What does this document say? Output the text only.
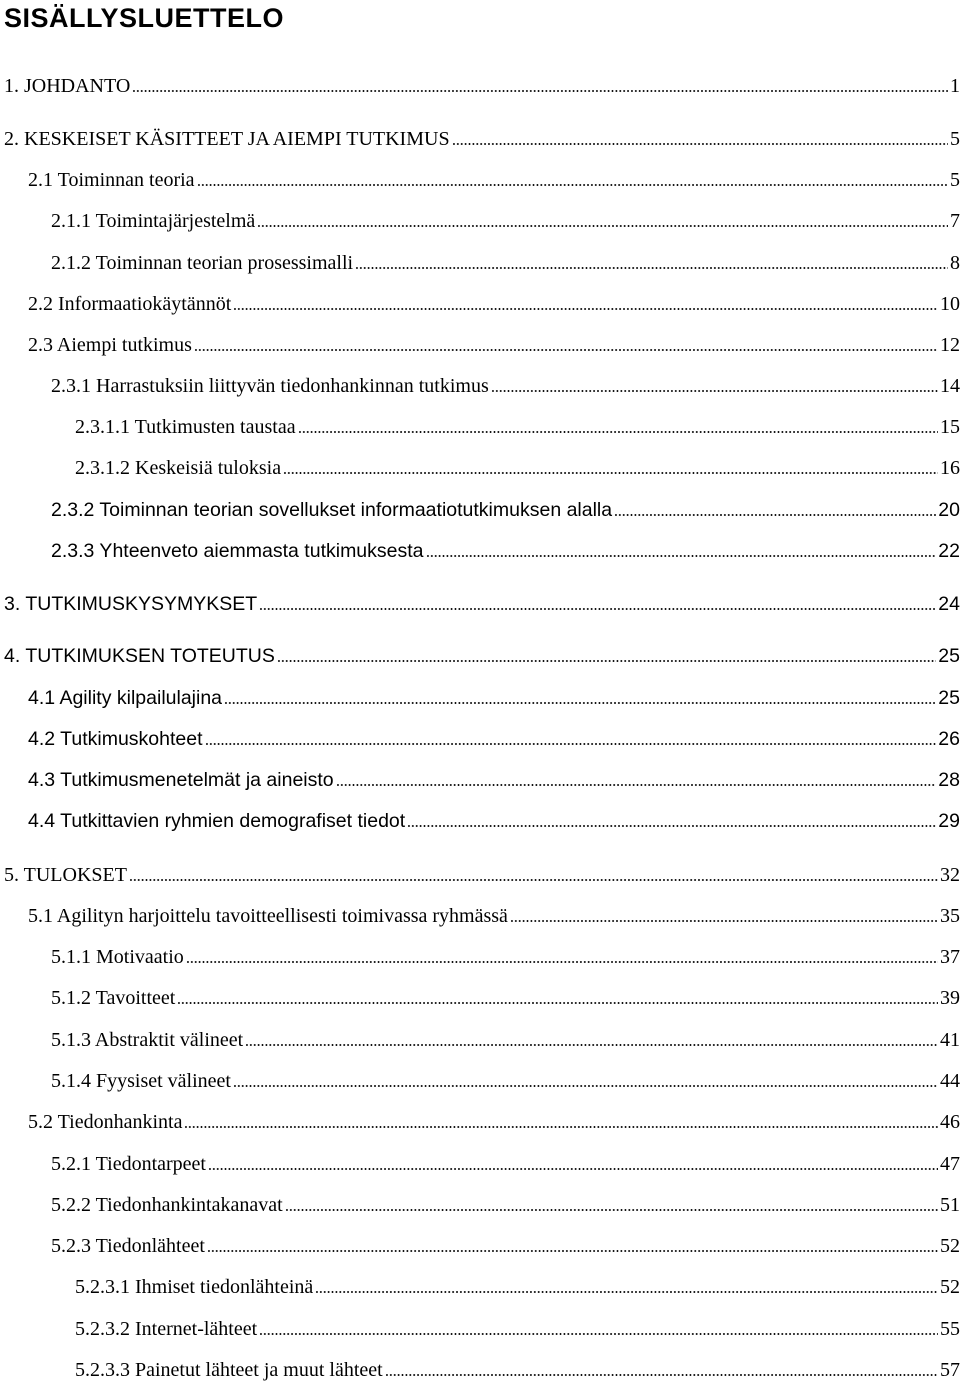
SISÄLLYSLUETTELO
1. JOHDANTO	1
2. KESKEISET KÄSITTEET JA AIEMPI TUTKIMUS	5
2.1 Toiminnan teoria	5
2.1.1 Toimintajärjestelmä	7
2.1.2 Toiminnan teorian prosessimalli	8
2.2 Informaatiokäytännöt	10
2.3 Aiempi tutkimus	12
2.3.1 Harrastuksiin liittyvän tiedonhankinnan tutkimus	14
2.3.1.1 Tutkimusten taustaa	15
2.3.1.2 Keskeisiä tuloksia	16
2.3.2 Toiminnan teorian sovellukset informaatiotutkimuksen alalla	20
2.3.3 Yhteenveto aiemmasta tutkimuksesta	22
3. TUTKIMUSKYSYMYKSET	24
4. TUTKIMUKSEN TOTEUTUS	25
4.1 Agility kilpailulajina	25
4.2 Tutkimuskohteet	26
4.3 Tutkimusmenetelmät ja aineisto	28
4.4 Tutkittavien ryhmien demografiset tiedot	29
5. TULOKSET	32
5.1 Agilityn harjoittelu tavoitteellisesti toimivassa ryhmässä	35
5.1.1 Motivaatio	37
5.1.2 Tavoitteet	39
5.1.3 Abstraktit välineet	41
5.1.4 Fyysiset välineet	44
5.2 Tiedonhankinta	46
5.2.1 Tiedontarpeet	47
5.2.2 Tiedonhankintakanavat	51
5.2.3 Tiedonlähteet	52
5.2.3.1 Ihmiset tiedonlähteinä	52
5.2.3.2 Internet-lähteet	55
5.2.3.3 Painetut lähteet ja muut lähteet	57
